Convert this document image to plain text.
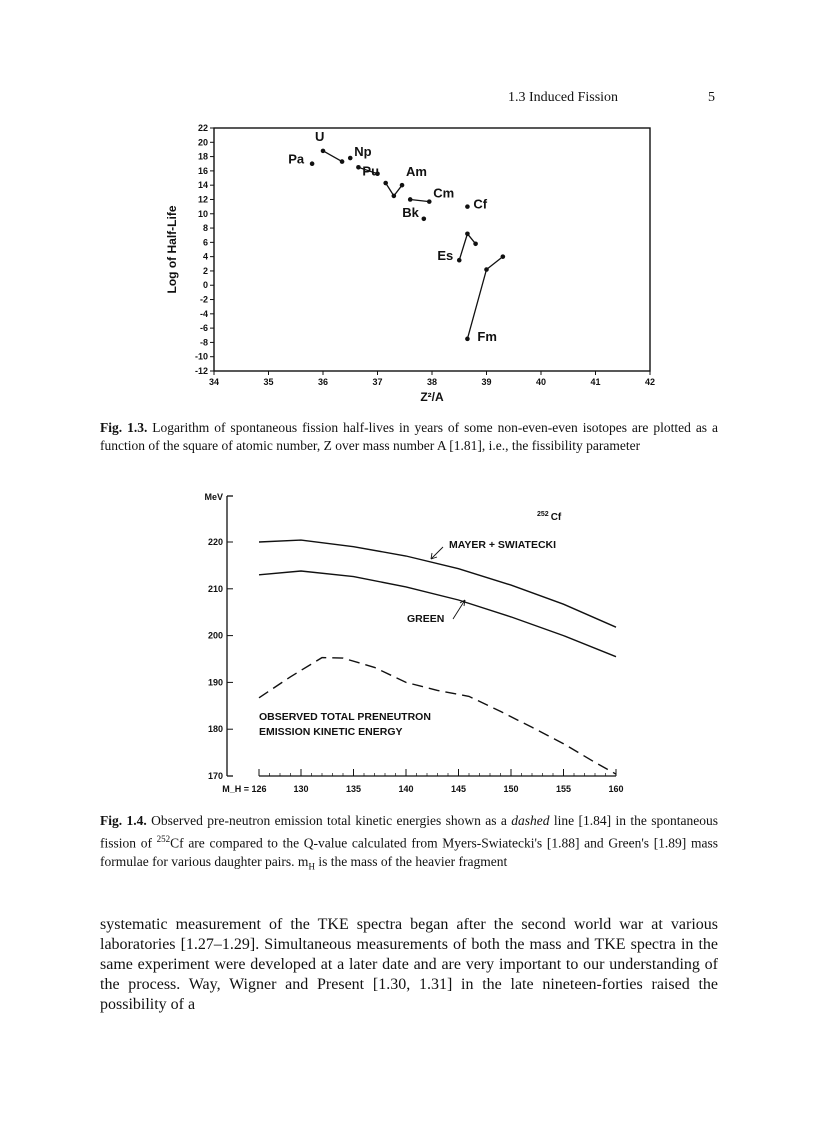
1.3 Induced Fission	5
22
20
18
16
14
12
10
8
6
4
2
0
-2
-4
-6
-8
-10
-12
34	35	36	37	38	39	40	41	42
Log of Half-Life
Z²/A
Pa
U
Np
Pu Am
Cm
Bk
Cf
Es
Fm
Fig. 1.3. Logarithm of spontaneous fission half-lives in years of some non-even-even isotopes are plotted as a function of the square of atomic number, Z over mass number A [1.81], i.e., the fissibility parameter
MeV
220
210
200
190
180
170
126	130	135	140	145	150	155	160
M_H =
$^{252}$ Cf
MAYER + SWIATECKI
GREEN
OBSERVED TOTAL PRENEUTRON
EMISSION KINETIC ENERGY
Fig. 1.4. Observed pre-neutron emission total kinetic energies shown as a dashed line [1.84] in the spontaneous fission of $^{252}$Cf are compared to the Q-value calculated from Myers-Swiatecki's [1.88] and Green's [1.89] mass formulae for various daughter pairs. $m_H$ is the mass of the heavier fragment

systematic measurement of the TKE spectra began after the second world war at various laboratories [1.27–1.29]. Simultaneous measurements of both the mass and TKE spectra in the same experiment were developed at a later date and are very important to our understanding of the process. Way, Wigner and Present [1.30, 1.31] in the late nineteen-forties raised the possibility of a
